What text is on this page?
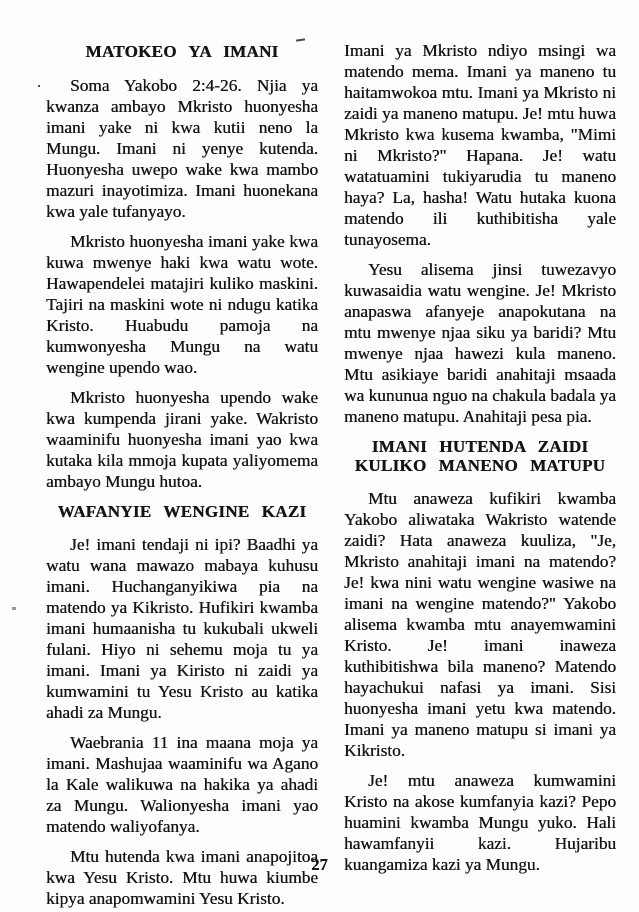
MATOKEO YA IMANI

Soma Yakobo 2:4-26. Njia ya kwanza ambayo Mkristo huonyesha imani yake ni kwa kutii neno la Mungu. Imani ni yenye kutenda. Huonyesha uwepo wake kwa mambo mazuri inayotimiza. Imani huonekana kwa yale tufanyayo.

Mkristo huonyesha imani yake kwa kuwa mwenye haki kwa watu wote. Hawapendelei matajiri kuliko maskini. Tajiri na maskini wote ni ndugu katika Kristo. Huabudu pamoja na kumwonyesha Mungu na watu wengine upendo wao.

Mkristo huonyesha upendo wake kwa kumpenda jirani yake. Wakristo waaminifu huonyesha imani yao kwa kutaka kila mmoja kupata yaliyomema ambayo Mungu hutoa.

WAFANYIE WENGINE KAZI

Je! imani tendaji ni ipi? Baadhi ya watu wana mawazo mabaya kuhusu imani. Huchanganyikiwa pia na matendo ya Kikristo. Hufikiri kwamba imani humaanisha tu kukubali ukweli fulani. Hiyo ni sehemu moja tu ya imani. Imani ya Kiristo ni zaidi ya kumwamini tu Yesu Kristo au katika ahadi za Mungu.

Waebrania 11 ina maana moja ya imani. Mashujaa waaminifu wa Agano la Kale walikuwa na hakika ya ahadi za Mungu. Walionyesha imani yao matendo waliyofanya.

Mtu hutenda kwa imani anapojitoa kwa Yesu Kristo. Mtu huwa kiumbe kipya anapomwamini Yesu Kristo.

Imani ya Mkristo ndiyo msingi wa matendo mema. Imani ya maneno tu haitamwokoa mtu. Imani ya Mkristo ni zaidi ya maneno matupu. Je! mtu huwa Mkristo kwa kusema kwamba, "Mimi ni Mkristo?" Hapana. Je! watu watatuamini tukiyarudia tu maneno haya? La, hasha! Watu hutaka kuona matendo ili kuthibitisha yale tunayosema.

Yesu alisema jinsi tuwezavyo kuwasaidia watu wengine. Je! Mkristo anapaswa afanyeje anapokutana na mtu mwenye njaa siku ya baridi? Mtu mwenye njaa hawezi kula maneno. Mtu asikiaye baridi anahitaji msaada wa kununua nguo na chakula badala ya maneno matupu. Anahitaji pesa pia.

IMANI HUTENDA ZAIDI
KULIKO MANENO MATUPU

Mtu anaweza kufikiri kwamba Yakobo aliwataka Wakristo watende zaidi? Hata anaweza kuuliza, "Je, Mkristo anahitaji imani na matendo? Je! kwa nini watu wengine wasiwe na imani na wengine matendo?" Yakobo alisema kwamba mtu anayemwamini Kristo. Je! imani inaweza kuthibitishwa bila maneno? Matendo hayachukui nafasi ya imani. Sisi huonyesha imani yetu kwa matendo. Imani ya maneno matupu si imani ya Kikristo.

Je! mtu anaweza kumwamini Kristo na akose kumfanyia kazi? Pepo huamini kwamba Mungu yuko. Hali hawamfanyii kazi. Hujaribu kuangamiza kazi ya Mungu.

27
.
